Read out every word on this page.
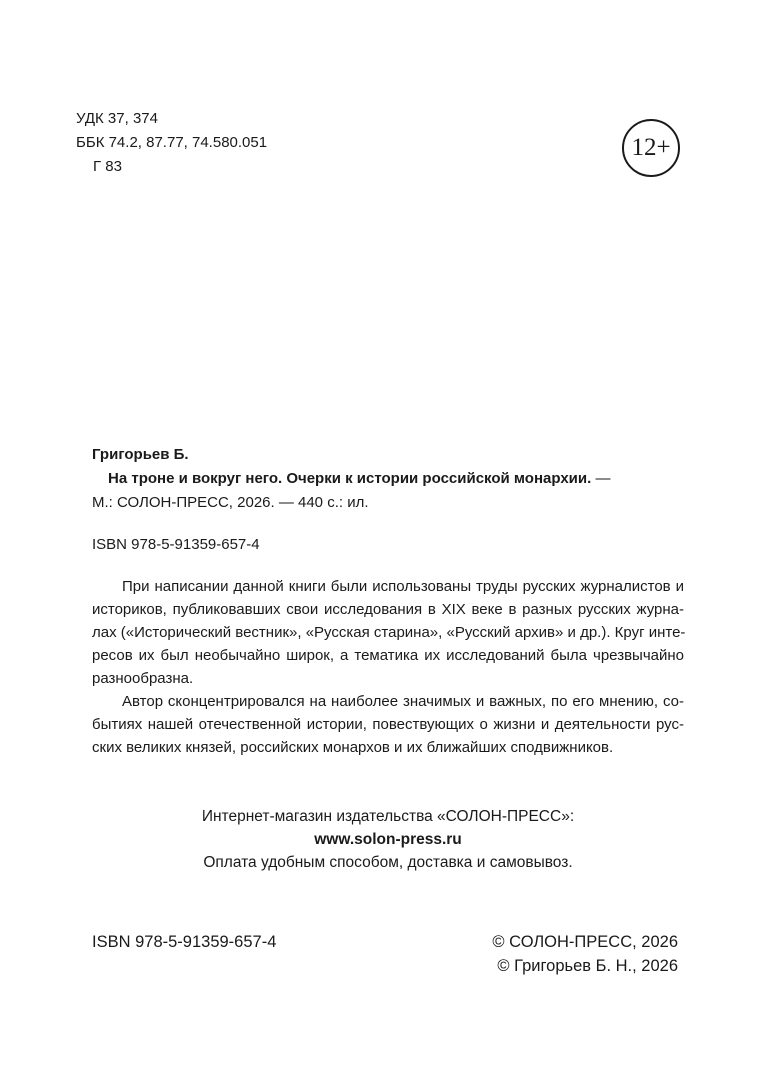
УДК 37, 374
ББК 74.2, 87.77, 74.580.051
Г 83
12+
Григорьев Б.
На троне и вокруг него. Очерки к истории российской монархии. —
М.: СОЛОН-ПРЕСС, 2026. — 440 с.: ил.
ISBN 978-5-91359-657-4
При написании данной книги были использованы труды русских журналистов и
историков, публиковавших свои исследования в XIX веке в разных русских журна-
лах («Исторический вестник», «Русская старина», «Русский архив» и др.). Круг инте-
ресов их был необычайно широк, а тематика их исследований была чрезвычайно
разнообразна.
Автор сконцентрировался на наиболее значимых и важных, по его мнению, со-
бытиях нашей отечественной истории, повествующих о жизни и деятельности рус-
ских великих князей, российских монархов и их ближайших сподвижников.
Интернет-магазин издательства «СОЛОН-ПРЕСС»:
www.solon-press.ru
Оплата удобным способом, доставка и самовывоз.
ISBN 978-5-91359-657-4	© СОЛОН-ПРЕСС, 2026
© Григорьев Б. Н., 2026
